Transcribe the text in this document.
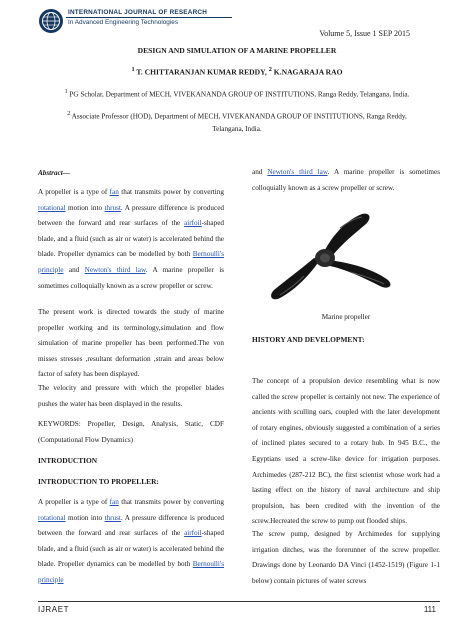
INTERNATIONAL JOURNAL OF RESEARCH
In Advanced Engineering Technologies
Volume 5, Issue 1 SEP 2015
DESIGN AND SIMULATION OF A MARINE PROPELLER
$^1$ T. CHITTARANJAN KUMAR REDDY, $^2$ K.NAGARAJA RAO
$^1$ PG Scholar, Department of MECH, VIVEKANANDA GROUP OF INSTITUTIONS, Ranga Reddy, Telangana, India.
$^2$ Associate Professor (HOD), Department of MECH, VIVEKANANDA GROUP OF INSTITUTIONS, Ranga Reddy, Telangana, India.
Abstract—
A propeller is a type of fan that transmits power by converting rotational motion into thrust. A pressure difference is produced between the forward and rear surfaces of the airfoil-shaped blade, and a fluid (such as air or water) is accelerated behind the blade. Propeller dynamics can be modelled by both Bernoulli's principle and Newton's third law. A marine propeller is sometimes colloquially known as a screw propeller or screw.
The present work is directed towards the study of marine propeller working and its terminology,simulation and flow simulation of marine propeller has been performed.The von misses stresses ,resultant deformation ,strain and areas below factor of safety has been displayed.
The velocity and pressure with which the propeller blades pushes the water has been displayed in the results.
KEYWORDS: Propeller, Design, Analysis, Static, CDF (Computational Flow Dynamics)
INTRODUCTION
INTRODUCTION TO PROPELLER:
A propeller is a type of fan that transmits power by converting rotational motion into thrust. A pressure difference is produced between the forward and rear surfaces of the airfoil-shaped blade, and a fluid (such as air or water) is accelerated behind the blade. Propeller dynamics can be modelled by both Bernoulli's principle
and Newton's third law. A marine propeller is sometimes colloquially known as a screw propeller or screw.
Marine propeller
HISTORY AND DEVELOPMENT:
The concept of a propulsion device resembling what is now called the screw propeller is certainly not new. The experience of ancients with sculling oars, coupled with the later development of rotary engines, obviously suggested a combination of a series of inclined plates secured to a rotary hub. In 945 B.C., the Egyptians used a screw-like device for irrigation purposes. Archimedes (287-212 BC), the first scientist whose work had a lasting effect on the history of naval architecture and ship propulsion, has been credited with the invention of the screw.Hecreated the screw to pump out flooded ships.
The screw pump, designed by Archimedes for supplying irrigation ditches, was the forerunner of the screw propeller. Drawings done by Leonardo DA Vinci (1452-1519) (Figure 1-1 below) contain pictures of water screws
IJRAET	111
